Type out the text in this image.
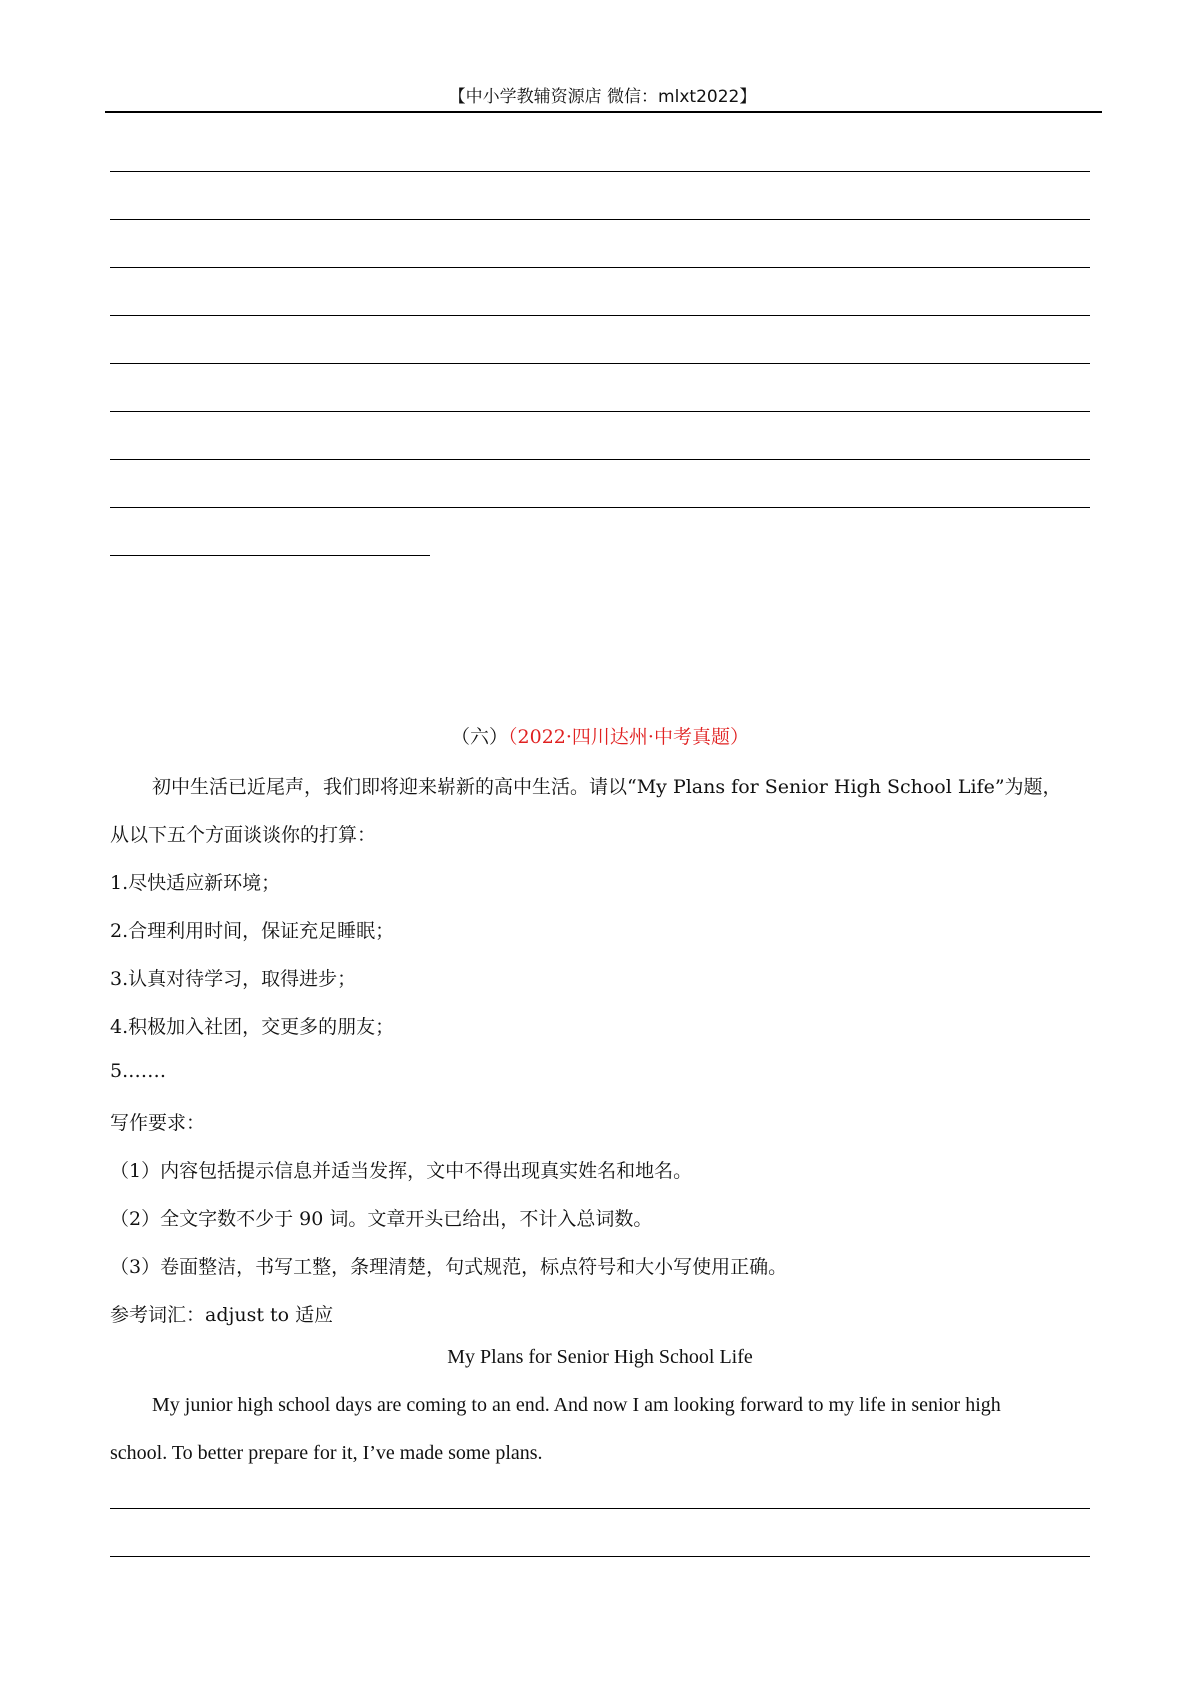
【中小学教辅资源店 微信：mlxt2022】
（六）（2022·四川达州·中考真题）
初中生活已近尾声，我们即将迎来崭新的高中生活。请以“My Plans for Senior High School Life”为题，
从以下五个方面谈谈你的打算：
1.尽快适应新环境；
2.合理利用时间，保证充足睡眠；
3.认真对待学习，取得进步；
4.积极加入社团，交更多的朋友；
5.……
写作要求：
（1）内容包括提示信息并适当发挥，文中不得出现真实姓名和地名。
（2）全文字数不少于 90 词。文章开头已给出，不计入总词数。
（3）卷面整洁，书写工整，条理清楚，句式规范，标点符号和大小写使用正确。
参考词汇：adjust to 适应
My Plans for Senior High School Life
My junior high school days are coming to an end. And now I am looking forward to my life in senior high
school. To better prepare for it, I’ve made some plans.
